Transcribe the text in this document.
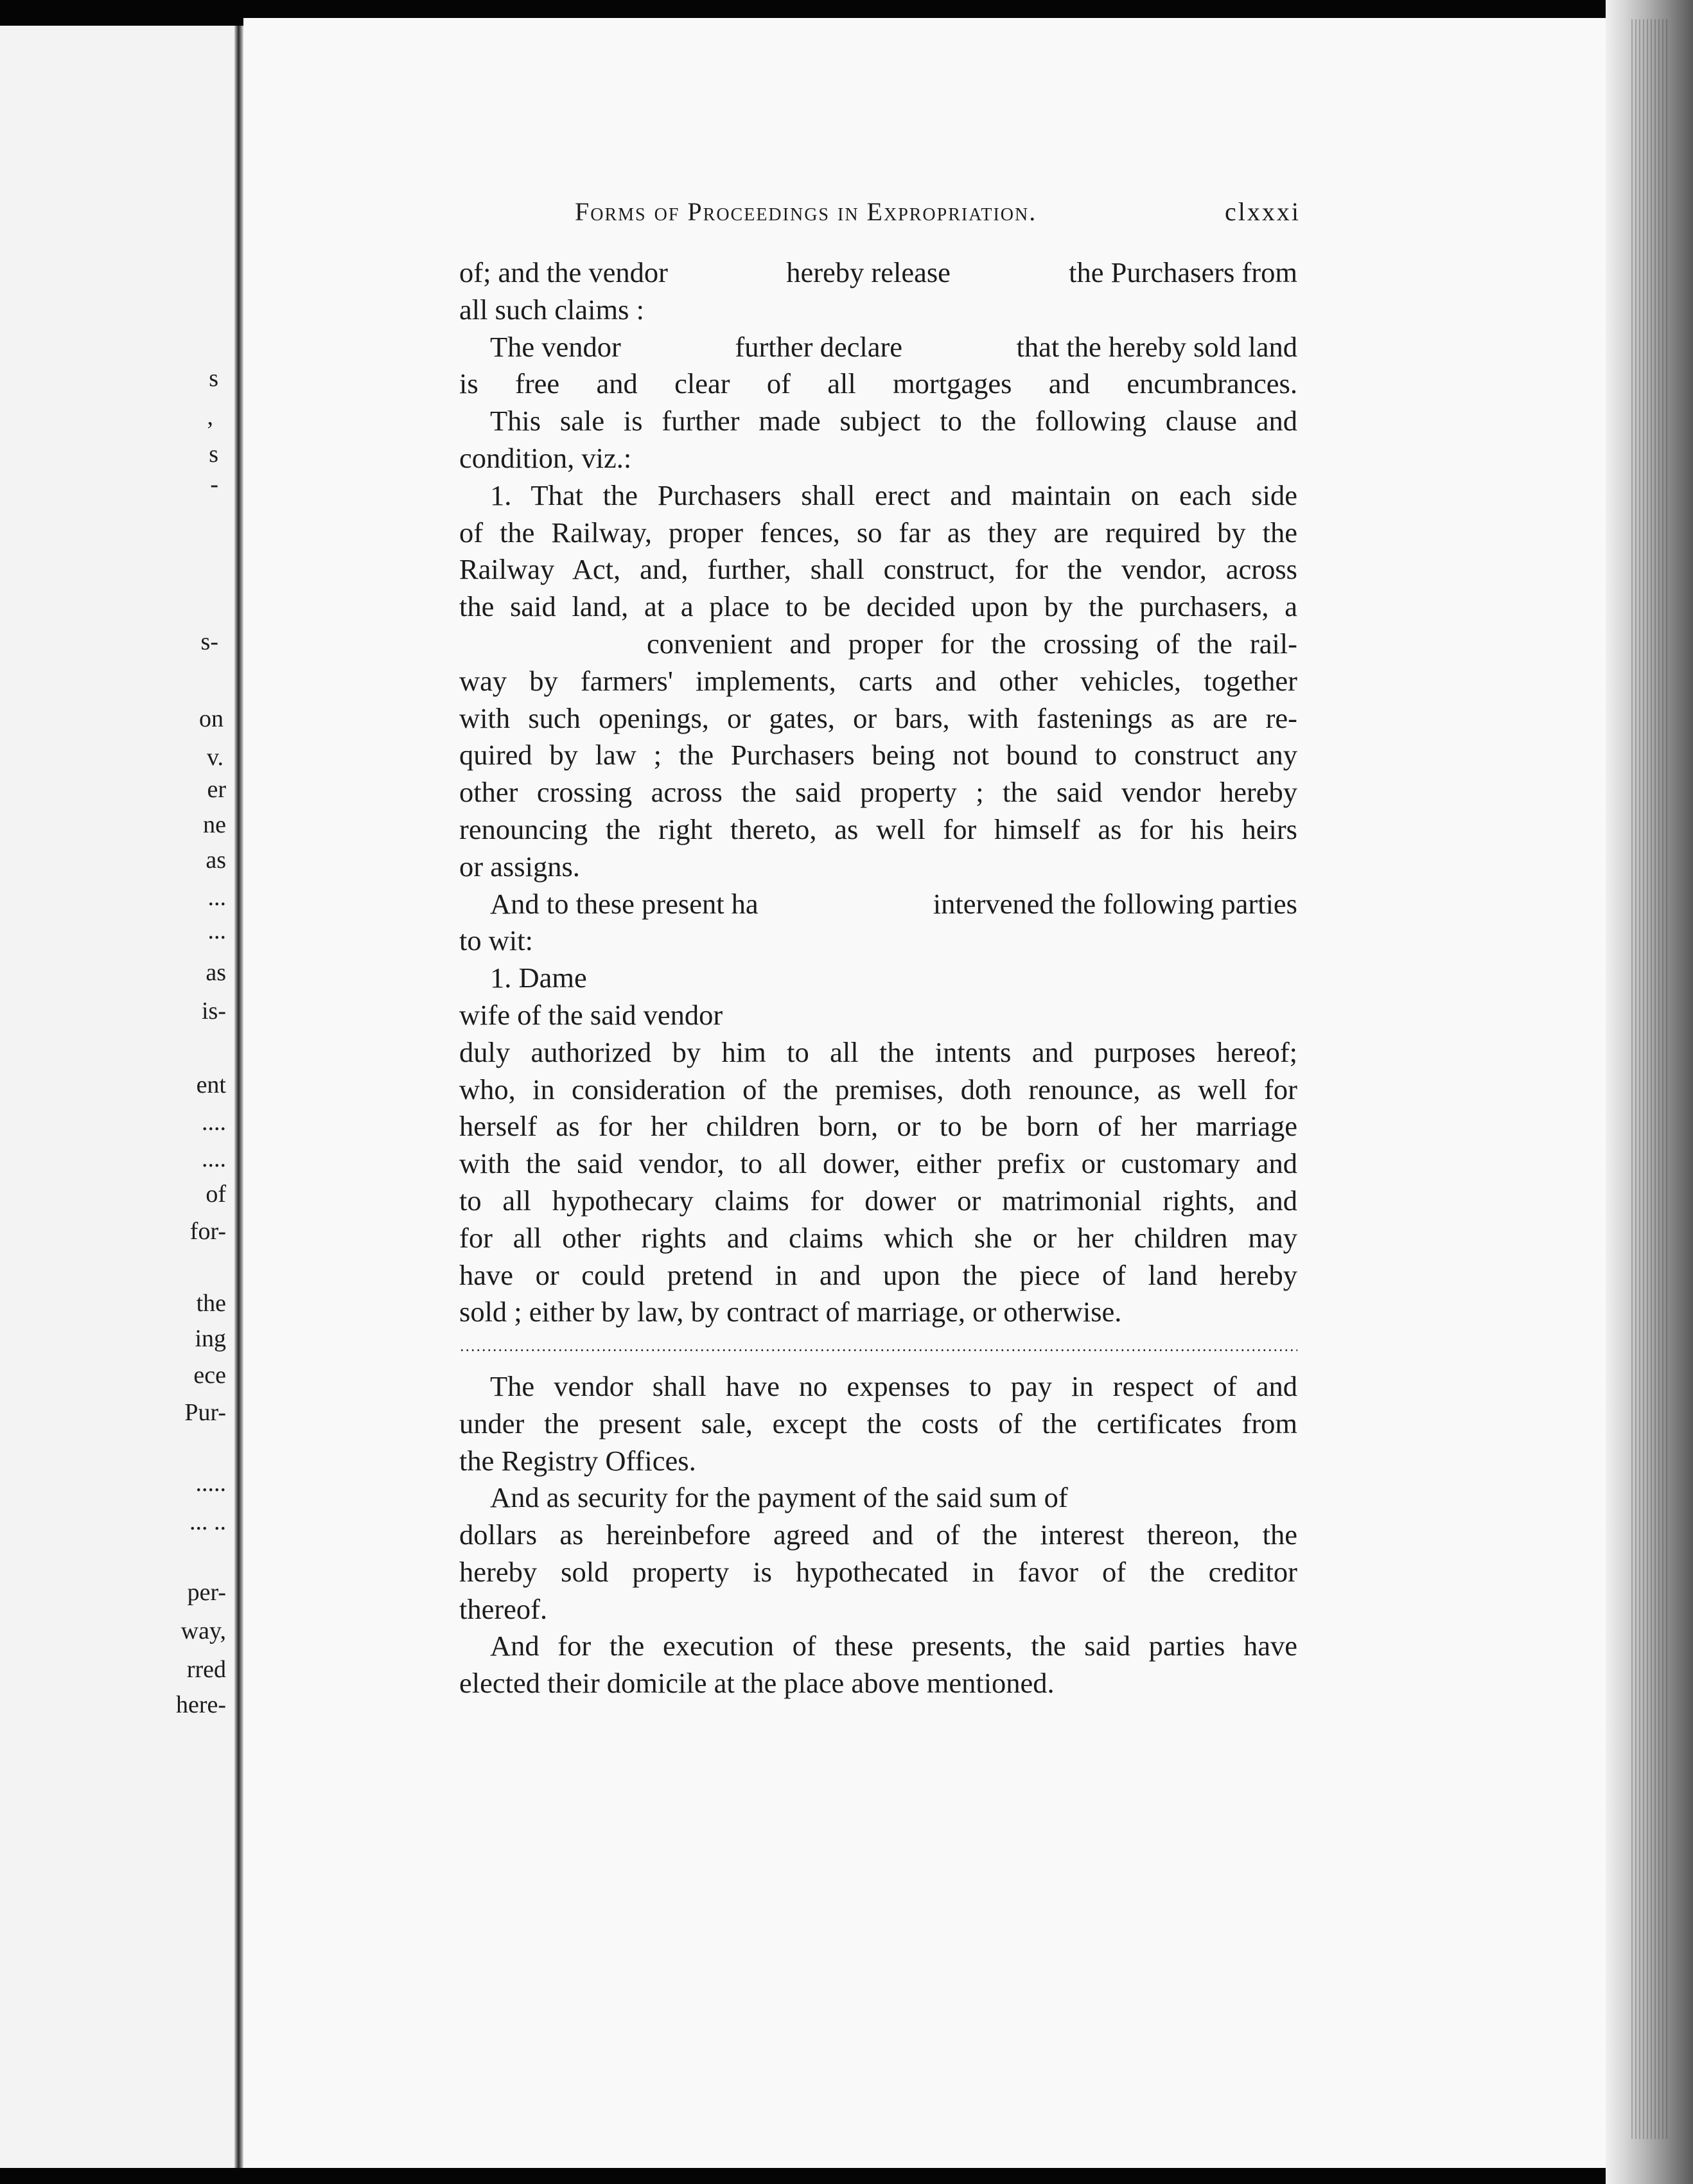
s
,
s
-
s-
on
v.
er
ne
as
...
...
as
is-
ent
....
....
of
for-
the
ing
ece
Pur-
.....
... ..
per-
way,
rred
here-
Forms of Proceedings in Expropriation.	clxxxi
of; and the vendor	hereby release	the Purchasers from
all such claims :
The vendor	further declare	that the hereby sold land
is free and clear of all mortgages and encumbrances.
This sale is further made subject to the following clause and
condition, viz.:
1. That the Purchasers shall erect and maintain on each side
of the Railway, proper fences, so far as they are required by the
Railway Act, and, further, shall construct, for the vendor, across
the said land, at a place to be decided upon by the purchasers, a
convenient and proper for the crossing of the rail-
way by farmers' implements, carts and other vehicles, together
with such openings, or gates, or bars, with fastenings as are re-
quired by law ; the Purchasers being not bound to construct any
other crossing across the said property ; the said vendor hereby
renouncing the right thereto, as well for himself as for his heirs
or assigns.
And to these present ha	intervened the following parties
to wit:
1. Dame
wife of the said vendor
duly authorized by him to all the intents and purposes hereof;
who, in consideration of the premises, doth renounce, as well for
herself as for her children born, or to be born of her marriage
with the said vendor, to all dower, either prefix or customary and
to all hypothecary claims for dower or matrimonial rights, and
for all other rights and claims which she or her children may
have or could pretend in and upon the piece of land hereby
sold ; either by law, by contract of marriage, or otherwise.
The vendor shall have no expenses to pay in respect of and
under the present sale, except the costs of the certificates from
the Registry Offices.
And as security for the payment of the said sum of
dollars as hereinbefore agreed and of the interest thereon, the
hereby sold property is hypothecated in favor of the creditor
thereof.
And for the execution of these presents, the said parties have
elected their domicile at the place above mentioned.
